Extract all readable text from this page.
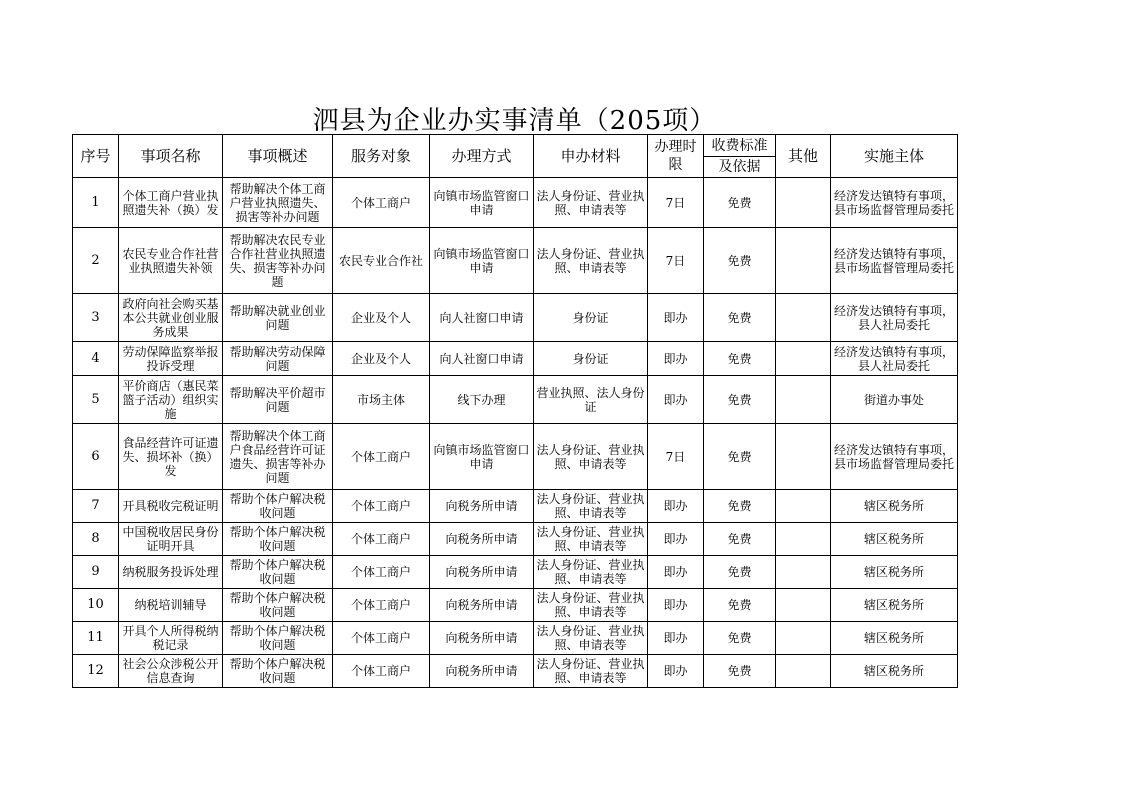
泗县为企业办实事清单（205项）
序号	事项名称	事项概述	服务对象	办理方式	申办材料	办理时限	收费标准	其他	实施主体
							及依据		
1	个体工商户营业执照遗失补（换）发	帮助解决个体工商户营业执照遗失、损害等补办问题	个体工商户	向镇市场监管窗口申请	法人身份证、营业执照、申请表等	7日	免费		经济发达镇特有事项，县市场监督管理局委托
2	农民专业合作社营业执照遗失补领	帮助解决农民专业合作社营业执照遗失、损害等补办问题	农民专业合作社	向镇市场监管窗口申请	法人身份证、营业执照、申请表等	7日	免费		经济发达镇特有事项，县市场监督管理局委托
3	政府向社会购买基本公共就业创业服务成果	帮助解决就业创业问题	企业及个人	向人社窗口申请	身份证	即办	免费		经济发达镇特有事项，县人社局委托
4	劳动保障监察举报投诉受理	帮助解决劳动保障问题	企业及个人	向人社窗口申请	身份证	即办	免费		经济发达镇特有事项，县人社局委托
5	平价商店（惠民菜篮子活动）组织实施	帮助解决平价超市问题	市场主体	线下办理	营业执照、法人身份证	即办	免费		街道办事处
6	食品经营许可证遗失、损坏补（换）发	帮助解决个体工商户食品经营许可证遗失、损害等补办问题	个体工商户	向镇市场监管窗口申请	法人身份证、营业执照、申请表等	7日	免费		经济发达镇特有事项，县市场监督管理局委托
7	开具税收完税证明	帮助个体户解决税收问题	个体工商户	向税务所申请	法人身份证、营业执照、申请表等	即办	免费		辖区税务所
8	中国税收居民身份证明开具	帮助个体户解决税收问题	个体工商户	向税务所申请	法人身份证、营业执照、申请表等	即办	免费		辖区税务所
9	纳税服务投诉处理	帮助个体户解决税收问题	个体工商户	向税务所申请	法人身份证、营业执照、申请表等	即办	免费		辖区税务所
10	纳税培训辅导	帮助个体户解决税收问题	个体工商户	向税务所申请	法人身份证、营业执照、申请表等	即办	免费		辖区税务所
11	开具个人所得税纳税记录	帮助个体户解决税收问题	个体工商户	向税务所申请	法人身份证、营业执照、申请表等	即办	免费		辖区税务所
12	社会公众涉税公开信息查询	帮助个体户解决税收问题	个体工商户	向税务所申请	法人身份证、营业执照、申请表等	即办	免费		辖区税务所
